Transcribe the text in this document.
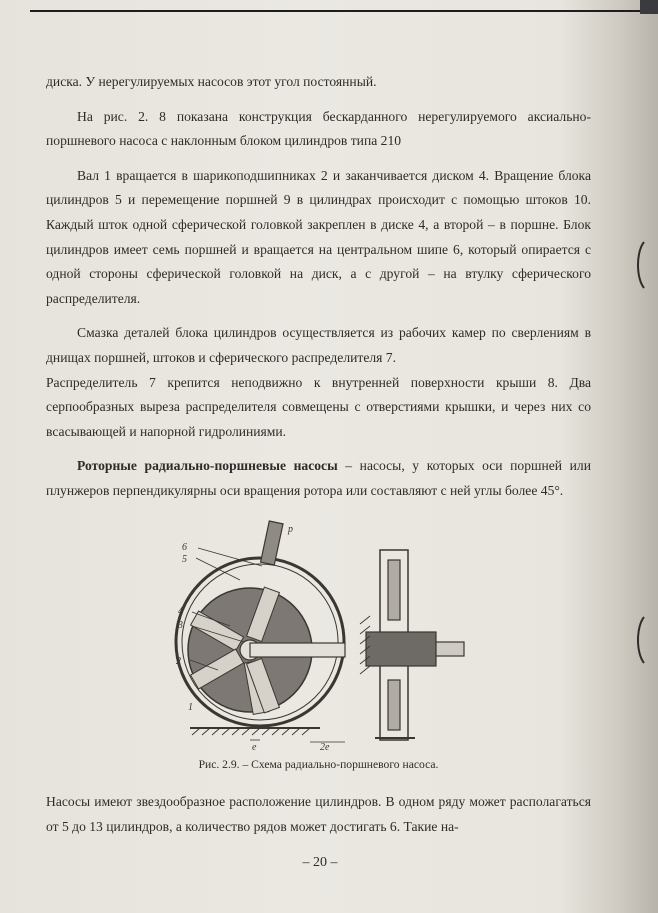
диска. У нерегулируемых насосов этот угол постоянный.

На рис. 2. 8 показана конструкция бескарданного нерегулируемого аксиально-поршневого насоса с наклонным блоком цилиндров типа 210

Вал 1 вращается в шарикоподшипниках 2 и заканчивается диском 4. Вращение блока цилиндров 5 и перемещение поршней 9 в цилиндрах происходит с помощью штоков 10. Каждый шток одной сферической головкой закреплен в диске 4, а второй – в поршне. Блок цилиндров имеет семь поршней и вращается на центральном шипе 6, который опирается с одной стороны сферической головкой на диск, а с другой – на втулку сферического распределителя.

Смазка деталей блока цилиндров осуществляется из рабочих камер по сверлениям в днищах поршней, штоков и сферического распределителя 7.

Распределитель 7 крепится неподвижно к внутренней поверхности крыши 8. Два серпообразных выреза распределителя совмещены с отверстиями крышки, и через них со всасывающей и напорной гидролиниями.

Роторные радиально-поршневые насосы – насосы, у которых оси поршней или плунжеров перпендикулярны оси вращения ротора или составляют с ней углы более 45°.

6
5
4
3
2
1
е	2е
p
Рис. 2.9. – Схема радиально-поршневого насоса.

Насосы имеют звездообразное расположение цилиндров. В одном ряду может располагаться от 5 до 13 цилиндров, а количество рядов может достигать 6. Такие на-

– 20 –
